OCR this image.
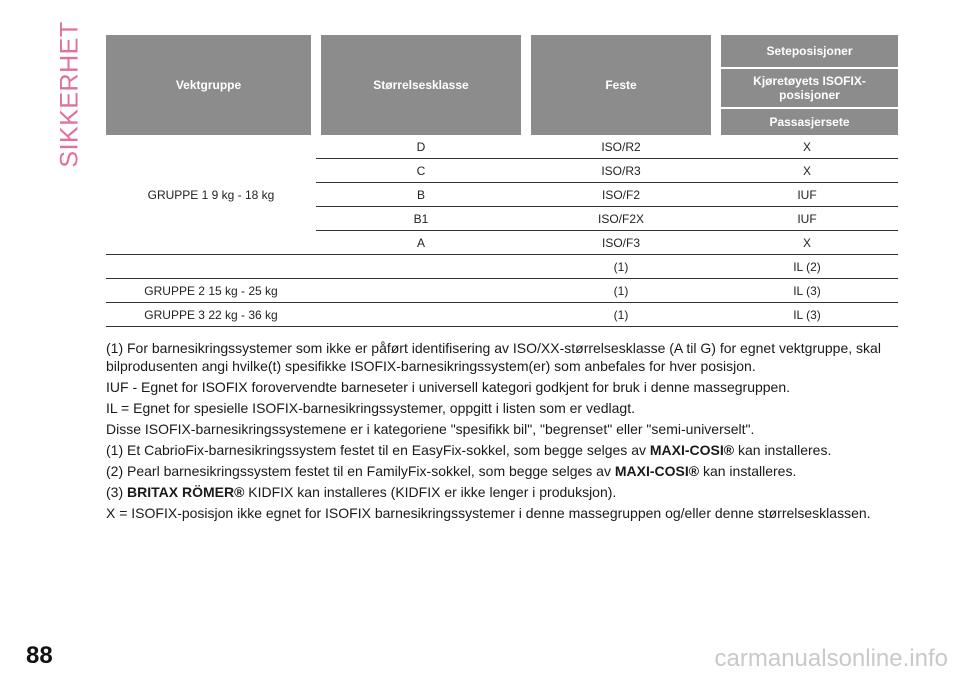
SIKKERHET	Vektgruppe	Størrelsesklasse	Feste	Seteposisjoner
			Kjøretøyets ISOFIX-posisjoner
			Passasjersete
GRUPPE 1 9 kg - 18 kg	D	ISO/R2	X
	C	ISO/R3	X
	B	ISO/F2	IUF
	B1	ISO/F2X	IUF
	A	ISO/F3	X
		(1)	IL (2)
GRUPPE 2 15 kg - 25 kg		(1)	IL (3)
GRUPPE 3 22 kg - 36 kg		(1)	IL (3)

(1) For barnesikringssystemer som ikke er påført identifisering av ISO/XX-størrelsesklasse (A til G) for egnet vektgruppe, skal bilprodusenten angi hvilke(t) spesifikke ISOFIX-barnesikringssystem(er) som anbefales for hver posisjon.

IUF - Egnet for ISOFIX forovervendte barneseter i universell kategori godkjent for bruk i denne massegruppen.

IL = Egnet for spesielle ISOFIX-barnesikringssystemer, oppgitt i listen som er vedlagt.

Disse ISOFIX-barnesikringssystemene er i kategoriene "spesifikk bil", "begrenset" eller "semi-universelt".

(1) Et CabrioFix-barnesikringssystem festet til en EasyFix-sokkel, som begge selges av MAXI-COSI® kan installeres.

(2) Pearl barnesikringssystem festet til en FamilyFix-sokkel, som begge selges av MAXI-COSI® kan installeres.

(3) BRITAX RÖMER® KIDFIX kan installeres (KIDFIX er ikke lenger i produksjon).

X = ISOFIX-posisjon ikke egnet for ISOFIX barnesikringssystemer i denne massegruppen og/eller denne størrelsesklassen.

88	carmanualsonline.info
